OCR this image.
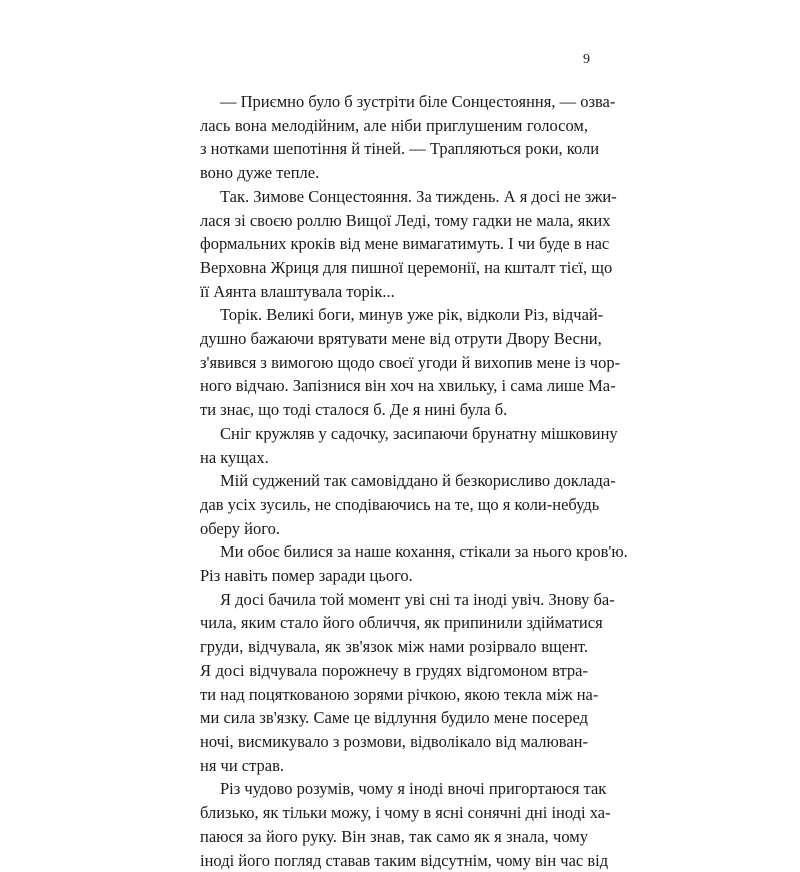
9

— Приємно було б зустріти біле Сонцестояння, — озва-
лась вона мелодійним, але ніби приглушеним голосом,
з нотками шепотіння й тіней. — Трапляються роки, коли
воно дуже тепле.

Так. Зимове Сонцестояння. За тиждень. А я досі не зжи-
лася зі своєю роллю Вищої Леді, тому гадки не мала, яких
формальних кроків від мене вимагатимуть. І чи буде в нас
Верховна Жриця для пишної церемонії, на кшталт тієї, що
її Аянта влаштувала торік...

Торік. Великі боги, минув уже рік, відколи Різ, відчай-
душно бажаючи врятувати мене від отрути Двору Весни,
з'явився з вимогою щодо своєї угоди й вихопив мене із чор-
ного відчаю. Запізнися він хоч на хвильку, і сама лише Ма-
ти знає, що тоді сталося б. Де я нині була б.

Сніг кружляв у садочку, засипаючи брунатну мішковину
на кущах.

Мій суджений так самовіддано й безкорисливо доклада-
дав усіх зусиль, не сподіваючись на те, що я коли-небудь
оберу його.

Ми обоє билися за наше кохання, стікали за нього кров'ю.
Різ навіть помер заради цього.

Я досі бачила той момент уві сні та іноді увіч. Знову ба-
чила, яким стало його обличчя, як припинили здійматися
груди, відчувала, як зв'язок між нами розірвало вщент.
Я досі відчувала порожнечу в грудях відгомоном втра-
ти над поцяткованою зорями річкою, якою текла між на-
ми сила зв'язку. Саме це відлуння будило мене посеред
ночі, висмикувало з розмови, відволікало від малюван-
ня чи страв.

Різ чудово розумів, чому я іноді вночі пригортаюся так
близько, як тільки можу, і чому в ясні сонячні дні іноді ха-
паюся за його руку. Він знав, так само як я знала, чому
іноді його погляд ставав таким відсутнім, чому він час від
